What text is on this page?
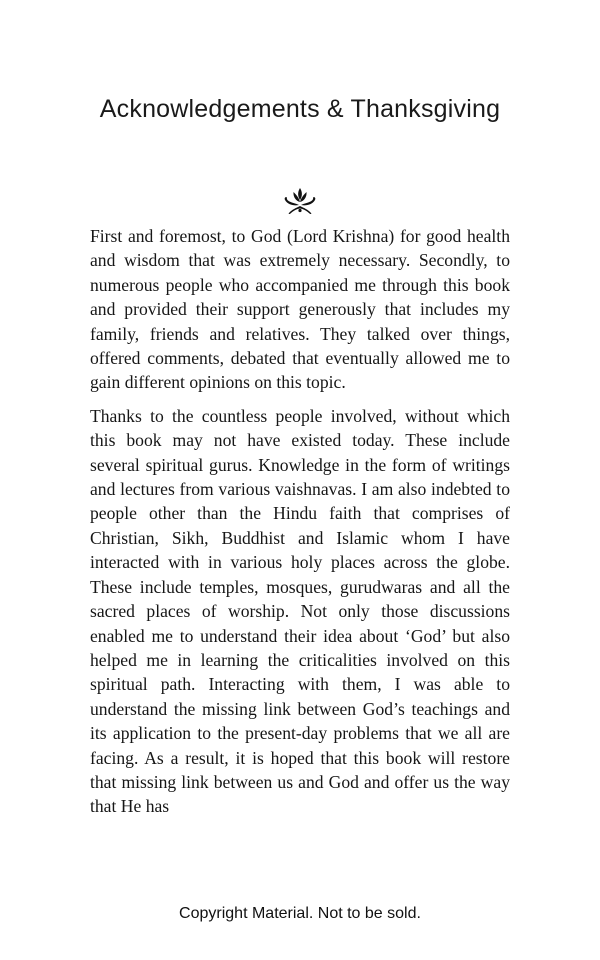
Acknowledgements & Thanksgiving

First and foremost, to God (Lord Krishna) for good health and wisdom that was extremely necessary. Secondly, to numerous people who accompanied me through this book and provided their support generously that includes my family, friends and relatives. They talked over things, offered comments, debated that eventually allowed me to gain different opinions on this topic.

Thanks to the countless people involved, without which this book may not have existed today. These include several spiritual gurus. Knowledge in the form of writings and lectures from various vaishnavas. I am also indebted to people other than the Hindu faith that comprises of Christian, Sikh, Buddhist and Islamic whom I have interacted with in various holy places across the globe. These include temples, mosques, gurudwaras and all the sacred places of worship. Not only those discussions enabled me to understand their idea about ‘God’ but also helped me in learning the criticalities involved on this spiritual path. Interacting with them, I was able to understand the missing link between God’s teachings and its application to the present-day problems that we all are facing. As a result, it is hoped that this book will restore that missing link between us and God and offer us the way that He has

Copyright Material. Not to be sold.
